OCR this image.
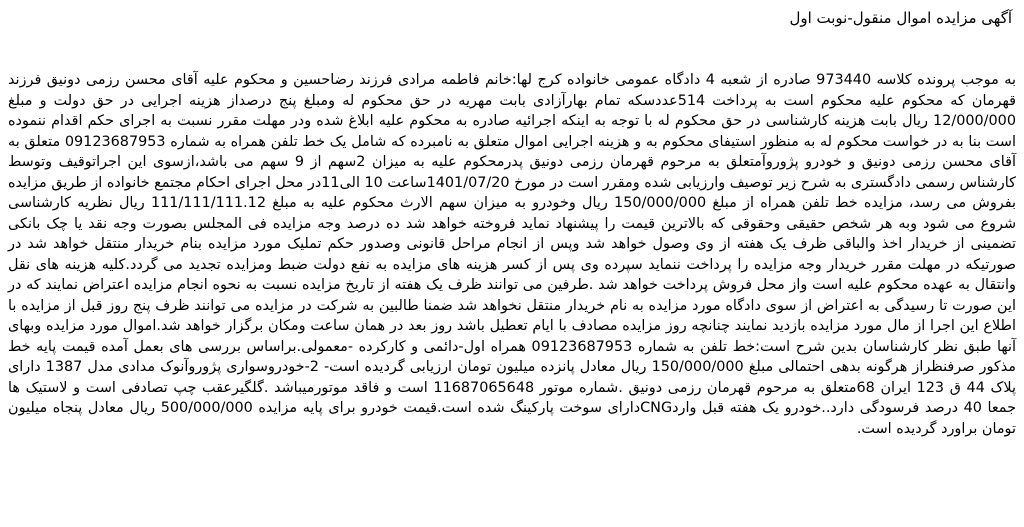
آگهی مزایده اموال منقول-نوبت اول

به موجب پرونده کلاسه 973440 صادره از شعبه 4 دادگاه عمومی خانواده کرج لها:خانم فاطمه مرادی فرزند رضاحسین و محکوم علیه آقای محسن رزمی دونیق فرزند قهرمان که محکوم علیه محکوم است به پرداخت 514عددسکه تمام بهارآزادی بابت مهریه در حق محکوم له ومبلغ پنج درصداز هزینه اجرایی در حق دولت و مبلغ 12/000/000 ریال بابت هزینه کارشناسی در حق محکوم له با توجه به اینکه اجرائیه صادره به محکوم علیه ابلاغ شده ودر مهلت مقرر نسبت به اجرای حکم اقدام ننموده است بنا به در خواست محکوم له به منظور استیفای محکوم به و هزینه اجرایی اموال متعلق به نامبرده که شامل یک خط تلفن همراه به شماره 09123687953 متعلق به آقای محسن رزمی دونیق و خودرو پژوروآمتعلق به مرحوم قهرمان رزمی دونیق پدرمحکوم علیه به میزان 2سهم از 9 سهم می باشد،ازسوی این اجراتوقیف وتوسط کارشناس رسمی دادگستری به شرح زیر توصیف وارزیابی شده ومقرر است در مورخ 1401/07/20ساعت 10 الی11در محل اجرای احکام مجتمع خانواده از طریق مزایده بفروش می رسد، مزایده خط تلفن همراه از مبلغ 150/000/000 ریال وخودرو به میزان سهم الارث محکوم علیه به مبلغ 111/111/111.12 ریال نظریه کارشناسی شروع می شود وبه هر شخص حقیقی وحقوقی که بالاترین قیمت را پیشنهاد نماید فروخته خواهد شد ده درصد وجه مزایده فی المجلس بصورت وجه نقد یا چک بانکی تضمینی از خریدار اخذ والباقی ظرف یک هفته از وی وصول خواهد شد وپس از انجام مراحل قانونی وصدور حکم تملیک مورد مزایده بنام خریدار منتقل خواهد شد در صورتیکه در مهلت مقرر خریدار وجه مزایده را پرداخت ننماید سپرده وی پس از کسر هزینه های مزایده به نفع دولت ضبط ومزایده تجدید می گردد.کلیه هزینه های نقل وانتقال به عهده محکوم علیه است واز محل فروش پرداخت خواهد شد .طرفین می توانند ظرف یک هفته از تاریخ مزایده نسبت به نحوه انجام مزایده اعتراض نمایند که در این صورت تا رسیدگی به اعتراض از سوی دادگاه مورد مزایده به نام خریدار منتقل نخواهد شد ضمنا طالبین به شرکت در مزایده می توانند ظرف پنج روز قبل از مزایده با اطلاع این اجرا از مال مورد مزایده بازدید نمایند چنانچه روز مزایده مصادف با ایام تعطیل باشد روز بعد در همان ساعت ومکان برگزار خواهد شد.اموال مورد مزایده وبهای آنها طبق نظر کارشناسان بدین شرح است:خط تلفن به شماره 09123687953 همراه اول-دائمی و کارکرده -معمولی.براساس بررسی های بعمل آمده قیمت پایه خط مذکور صرفنظراز هرگونه بدهی احتمالی مبلغ 150/000/000 ریال معادل پانزده میلیون تومان ارزیابی گردیده است- 2-خودروسواری پژوروآنوک مدادی مدل 1387 دارای پلاک 44 ق 123 ایران 68متعلق به مرحوم قهرمان رزمی دونیق .شماره موتور 11687065648 است و فاقد موتورمیباشد .گلگیرعقب چپ تصادفی است و لاستیک ها جمعا 40 درصد فرسودگی دارد..خودرو یک هفته قبل واردCNGدارای سوخت پارکینگ شده است.قیمت خودرو برای پایه مزایده 500/000/000 ریال معادل پنجاه میلیون تومان براورد گردیده است.
